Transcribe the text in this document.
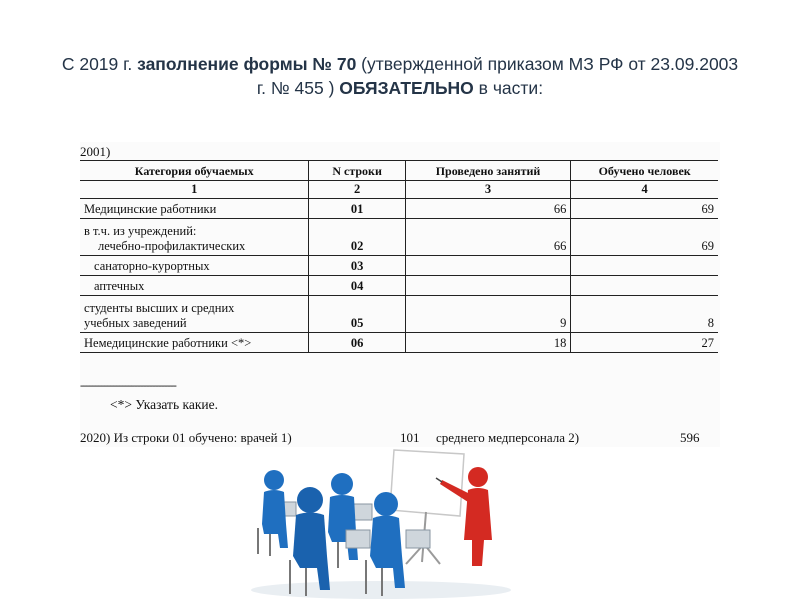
С 2019 г. заполнение формы № 70 (утвержденной приказом МЗ РФ от 23.09.2003
г. № 455 ) ОБЯЗАТЕЛЬНО в части:
2001)
Категория обучаемых	N строки	Проведено занятий	Обучено человек
1	2	3	4
Медицинские работники	01	66	69

в т.ч. из учреждений:
лечебно-профилактических	02	66	69
санаторно-курортных	03		
аптечных	04		

студенты высших и средних
учебных заведений	05	9	8
Немедицинские работники <*>	06	18	27
--------------------------------
<*> Указать какие.
2020) Из строки 01 обучено: врачей 1)	101 среднего медперсонала 2)	596
